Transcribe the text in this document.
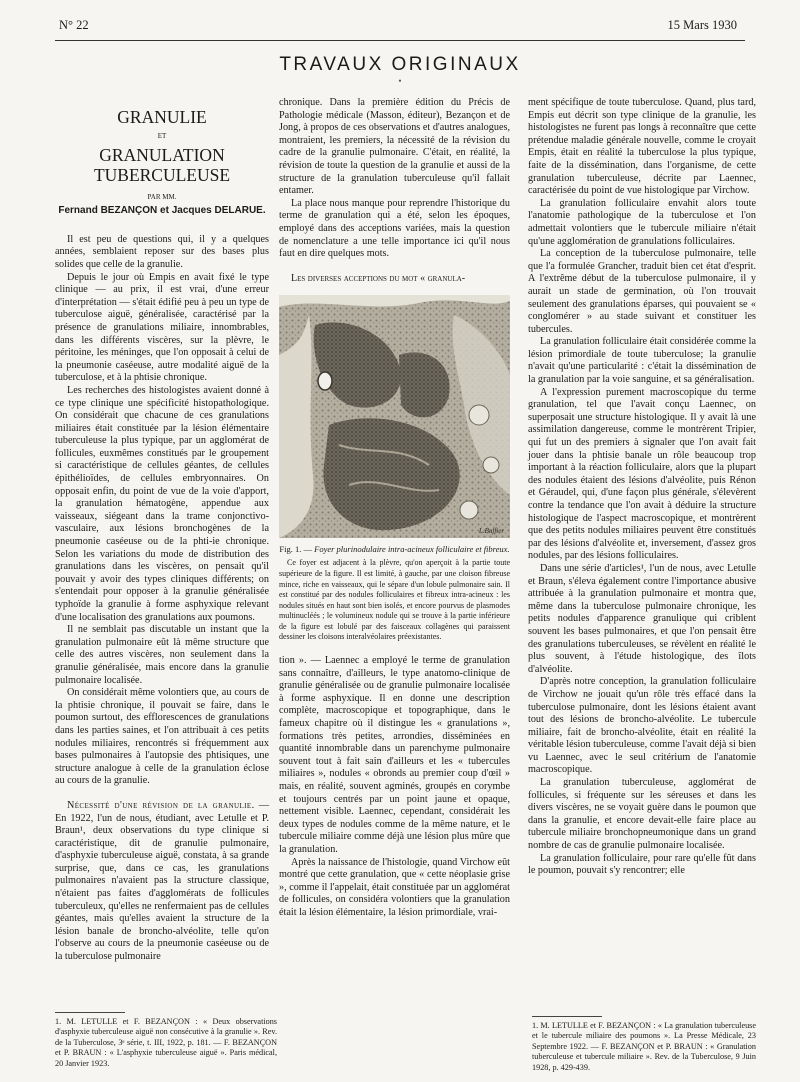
N° 22	15 Mars 1930
TRAVAUX ORIGINAUX
•
GRANULIE
ET
GRANULATION TUBERCULEUSE
PAR MM.
Fernand BEZANÇON et Jacques DELARUE.

Il est peu de questions qui, il y a quelques années, semblaient reposer sur des bases plus solides que celle de la granulie.

Depuis le jour où Empis en avait fixé le type clinique — au prix, il est vrai, d'une erreur d'interprétation — s'était édifié peu à peu un type de tuberculose aiguë, généralisée, caractérisé par la présence de granulations miliaire, innombrables, dans les différents viscères, sur la plèvre, le péritoine, les méninges, que l'on opposait à celui de la pneumonie caséeuse, autre modalité aiguë de la tuberculose, et à la phtisie chronique.

Les recherches des histologistes avaient donné à ce type clinique une spécificité histopathologique. On considérait que chacune de ces granulations miliaires était constituée par la lésion élémentaire tuberculeuse la plus typique, par un agglomérat de follicules, euxmêmes constitués par le groupement si caractéristique de cellules géantes, de cellules épithélioïdes, de cellules embryonnaires. On opposait enfin, du point de vue de la voie d'apport, la granulation hématogène, appendue aux vaisseaux, siégeant dans la trame conjonctivo-vasculaire, aux lésions bronchogènes de la pneumonie caséeuse ou de la phti-ie chronique. Selon les variations du mode de distribution des granulations dans les viscères, on pensait qu'il pouvait y avoir des types cliniques différents; on s'entendait pour opposer à la granulie généralisée typhoïde la granulie à forme asphyxique relevant d'une localisation des granulations aux poumons.

Il ne semblait pas discutable un instant que la granulation pulmonaire eût là même structure que celle des autres viscères, non seulement dans la granulie généralisée, mais encore dans la granulie pulmonaire localisée.

On considérait même volontiers que, au cours de la phtisie chronique, il pouvait se faire, dans le poumon surtout, des efflorescences de granulations dans les parties saines, et l'on attribuait à ces petits nodules miliaires, rencontrés si fréquemment aux bases pulmonaires à l'autopsie des phtisiques, une structure analogue à celle de la granulation éclose au cours de la granulie.

Nécessité d'une révision de la granulie. — En 1922, l'un de nous, étudiant, avec Letulle et P. Braun¹, deux observations du type clinique si caractéristique, dit de granulie pulmonaire, d'asphyxie tuberculeuse aiguë, constata, à sa grande surprise, que, dans ce cas, les granulations pulmonaires n'avaient pas la structure classique, n'étaient pas faites d'agglomérats de follicules tuberculeux, qu'elles ne renfermaient pas de cellules géantes, mais qu'elles avaient la structure de la lésion banale de broncho-alvéolite, telle qu'on l'observe au cours de la pneumonie caséeuse ou de la tuberculose pulmonaire

chronique. Dans la première édition du Précis de Pathologie médicale (Masson, éditeur), Bezançon et de Jong, à propos de ces observations et d'autres analogues, montraient, les premiers, la nécessité de la révision du cadre de la granulie pulmonaire. C'était, en réalité, la révision de toute la question de la granulie et aussi de la structure de la granulation tuberculeuse qu'il fallait entamer.

La place nous manque pour reprendre l'historique du terme de granulation qui a été, selon les époques, employé dans des acceptions variées, mais la question de nomenclature a une telle importance ici qu'il nous faut en dire quelques mots.

Les diverses acceptions du mot « granula-

L.Buffier
Fig. 1. — Foyer plurinodulaire intra-acineux folliculaire et fibreux.
Ce foyer est adjacent à la plèvre, qu'on aperçoit à la partie toute supérieure de la figure. Il est limité, à gauche, par une cloison fibreuse mince, riche en vaisseaux, qui le sépare d'un lobule pulmonaire sain. Il est constitué par des nodules folliculaires et fibreux intra-acineux : les nodules situés en haut sont bien isolés, et encore pourvus de plasmodes multinucléés ; le volumineux nodule qui se trouve à la partie inférieure de la figure est lobulé par des faisceaux collagènes qui paraissent dessiner les cloisons interalvéolaires préexistantes.

tion ». — Laennec a employé le terme de granulation sans connaître, d'ailleurs, le type anatomo-clinique de granulie généralisée ou de granulie pulmonaire localisée à forme asphyxique. Il en donne une description complète, macroscopique et topographique, dans le fameux chapitre où il distingue les « granulations », formations très petites, arrondies, disséminées en quantité innombrable dans un parenchyme pulmonaire souvent tout à fait sain d'ailleurs et les « tubercules miliaires », nodules « obronds au premier coup d'œil » mais, en réalité, souvent agminés, groupés en corymbe et toujours centrés par un point jaune et opaque, nettement visible. Laennec, cependant, considérait les deux types de nodules comme de la même nature, et le tubercule miliaire comme déjà une lésion plus mûre que la granulation.

Après la naissance de l'histologie, quand Virchow eût montré que cette granulation, que « cette néoplasie grise », comme il l'appelait, était constituée par un agglomérat de follicules, on considéra volontiers que la granulation était la lésion élémentaire, la lésion primordiale, vrai-

ment spécifique de toute tuberculose. Quand, plus tard, Empis eut décrit son type clinique de la granulie, les histologistes ne furent pas longs à reconnaître que cette prétendue maladie générale nouvelle, comme le croyait Empis, était en réalité la tuberculose la plus typique, faite de la dissémination, dans l'organisme, de cette granulation tuberculeuse, décrite par Laennec, caractérisée du point de vue histologique par Virchow.

La granulation folliculaire envahit alors toute l'anatomie pathologique de la tuberculose et l'on admettait volontiers que le tubercule miliaire n'était qu'une agglomération de granulations folliculaires.

La conception de la tuberculose pulmonaire, telle que l'a formulée Grancher, traduit bien cet état d'esprit. A l'extrême début de la tuberculose pulmonaire, il y aurait un stade de germination, où l'on trouvait seulement des granulations éparses, qui pouvaient se « conglomérer » au stade suivant et constituer les tubercules.

La granulation folliculaire était considérée comme la lésion primordiale de toute tuberculose; la granulie n'avait qu'une particularité : c'était la dissémination de la granulation par la voie sanguine, et sa généralisation.

A l'expression purement macroscopique du terme granulation, tel que l'avait conçu Laennec, on superposait une structure histologique. Il y avait là une assimilation dangereuse, comme le montrèrent Tripier, qui fut un des premiers à signaler que l'on avait fait jouer dans la phtisie banale un rôle beaucoup trop important à la réaction folliculaire, alors que la plupart des nodules étaient des lésions d'alvéolite, puis Rénon et Géraudel, qui, d'une façon plus générale, s'élevèrent contre la tendance que l'on avait à déduire la structure histologique de l'aspect macroscopique, et montrèrent que des petits nodules miliaires peuvent être constitués par des lésions d'alvéolite et, inversement, d'assez gros nodules, par des lésions folliculaires.

Dans une série d'articles¹, l'un de nous, avec Letulle et Braun, s'éleva également contre l'importance abusive attribuée à la granulation pulmonaire et montra que, même dans la tuberculose pulmonaire chronique, les petits nodules d'apparence granulique qui criblent souvent les bases pulmonaires, et que l'on pensait être des granulations tuberculeuses, se révèlent en réalité le plus souvent, à l'étude histologique, des îlots d'alvéolite.

D'après notre conception, la granulation folliculaire de Virchow ne jouait qu'un rôle très effacé dans la tuberculose pulmonaire, dont les lésions étaient avant tout des lésions de broncho-alvéolite. Le tubercule miliaire, fait de broncho-alvéolite, était en réalité la véritable lésion tuberculeuse, comme l'avait déjà si bien vu Laennec, avec le seul critérium de l'anatomie macroscopique.

La granulation tuberculeuse, agglomérat de follicules, si fréquente sur les séreuses et dans les divers viscères, ne se voyait guère dans le poumon que dans la granulie, et encore devait-elle faire place au tubercule miliaire bronchopneumonique dans un grand nombre de cas de granulie pulmonaire localisée.

La granulation folliculaire, pour rare qu'elle fût dans le poumon, pouvait s'y rencontrer; elle

1. M. LETULLE et F. BEZANÇON : « Deux observations d'asphyxie tuberculeuse aiguë non consécutive à la granulie ». Rev. de la Tuberculose, 3ᵉ série, t. III, 1922, p. 181. — F. BEZANÇON et P. BRAUN : « L'asphyxie tuberculeuse aiguë ». Paris médical, 20 Janvier 1923.
1. M. LETULLE et F. BEZANÇON : « La granulation tuberculeuse et le tubercule miliaire des poumons ». La Presse Médicale, 23 Septembre 1922. — F. BEZANÇON et P. BRAUN : « Granulation tuberculeuse et tubercule miliaire ». Rev. de la Tuberculose, 9 Juin 1928, p. 429-439.
